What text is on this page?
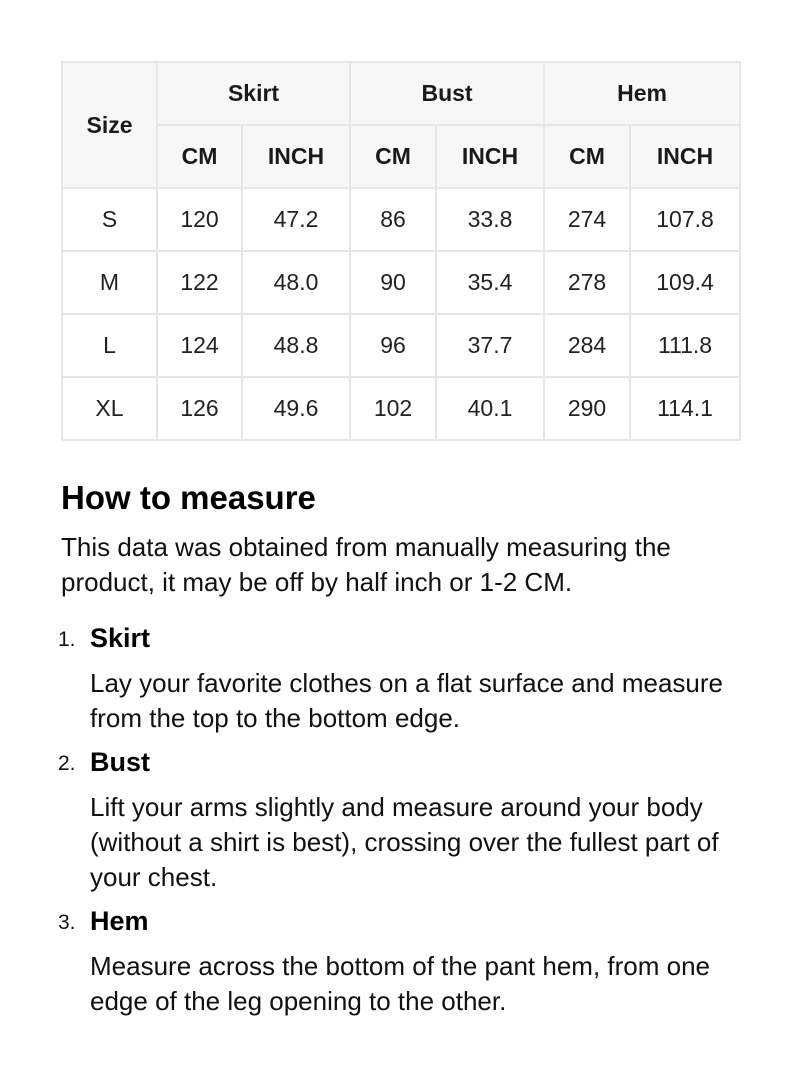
Size	Skirt		Bust		Hem	
	CM	INCH	CM	INCH	CM	INCH
S	120	47.2	86	33.8	274	107.8
M	122	48.0	90	35.4	278	109.4
L	124	48.8	96	37.7	284	111.8
XL	126	49.6	102	40.1	290	114.1
How to measure

This data was obtained from manually measuring the product, it may be off by half inch or 1-2 CM.

1. Skirt
Lay your favorite clothes on a flat surface and measure from the top to the bottom edge.
2. Bust
Lift your arms slightly and measure around your body (without a shirt is best), crossing over the fullest part of your chest.
3. Hem
Measure across the bottom of the pant hem, from one edge of the leg opening to the other.
